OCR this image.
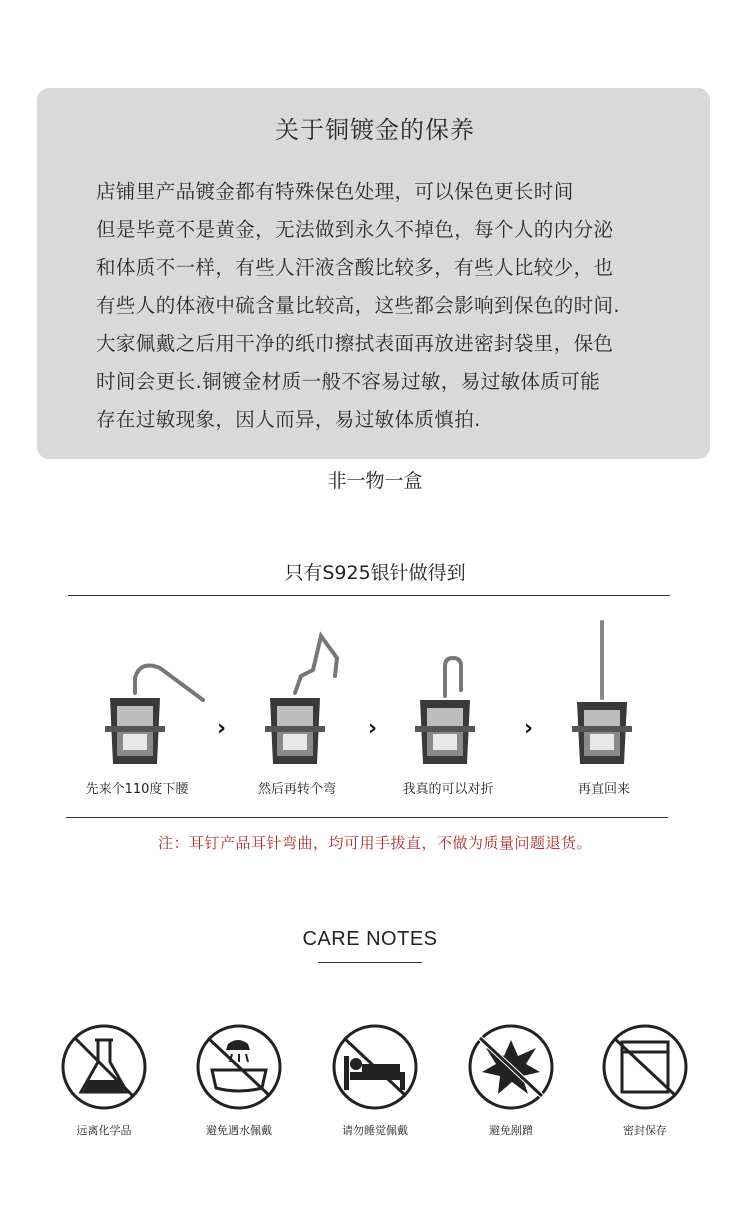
关于铜镀金的保养
店铺里产品镀金都有特殊保色处理，可以保色更长时间
但是毕竟不是黄金，无法做到永久不掉色，每个人的内分泌
和体质不一样，有些人汗液含酸比较多，有些人比较少，也
有些人的体液中硫含量比较高，这些都会影响到保色的时间.
大家佩戴之后用干净的纸巾擦拭表面再放进密封袋里，保色
时间会更长.铜镀金材质一般不容易过敏，易过敏体质可能
存在过敏现象，因人而异，易过敏体质慎拍.
非一物一盒
只有S925银针做得到
先来个110度下腰
›
然后再转个弯
›
我真的可以对折
›
再直回来
注：耳钉产品耳针弯曲，均可用手拔直，不做为质量问题退货。
CARE NOTES
远离化学品	避免遇水佩戴	请勿睡觉佩戴	避免剐蹭	密封保存
